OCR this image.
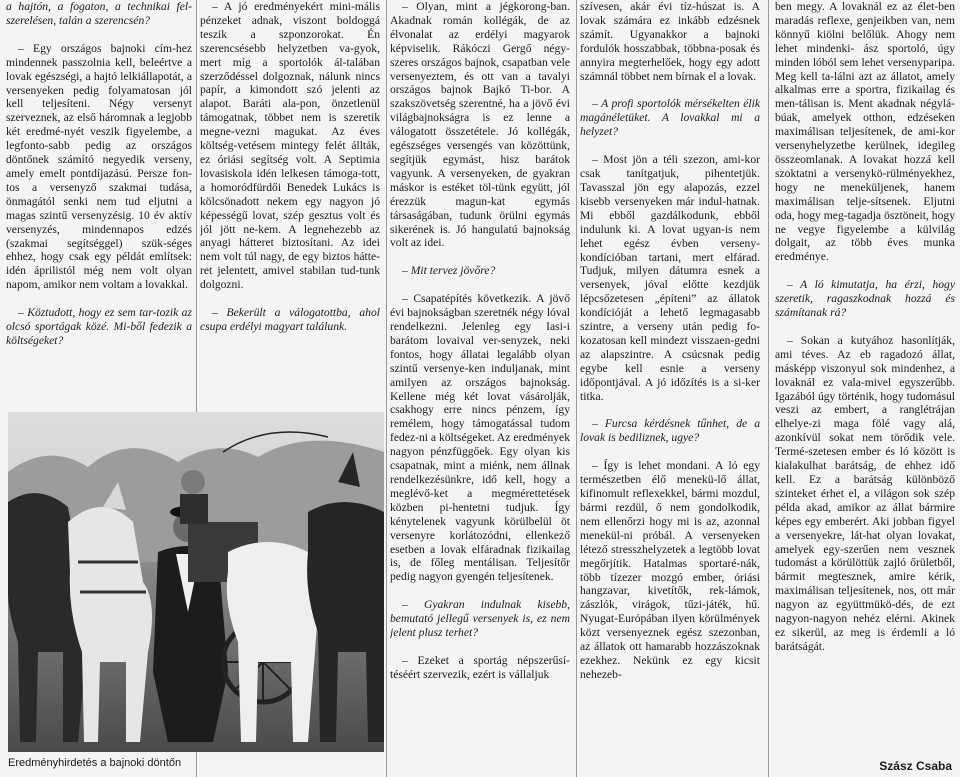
a hajtón, a fogaton, a technikai fel-szerelésen, talán a szerencsén?

– Egy országos bajnoki cím-hez mindennek passzolnia kell, beleértve a lovak egészségi, a hajtó lelkiállapotát, a versenyeken pedig folyamatosan jól kell teljesíteni. Négy versenyt szerveznek, az első háromnak a legjobb két eredmé-nyét veszik figyelembe, a legfonto-sabb pedig az országos döntőnek számító negyedik verseny, amely emelt pontdíjazású. Persze fon-tos a versenyző szakmai tudása, önmagától senki nem tud eljutni a magas szintű versenyzésig. 10 év aktív versenyzés, mindennapos edzés (szakmai segítséggel) szük-séges ehhez, hogy csak egy példát említsek: idén áprilistól még nem volt olyan napom, amikor nem voltam a lovakkal.

– Köztudott, hogy ez sem tar-tozik az olcsó sportágak közé. Mi-ből fedezik a költségeket?

– A jó eredményekért mini-mális pénzeket adnak, viszont boldoggá teszik a szponzorokat. Én szerencsésebb helyzetben va-gyok, mert míg a sportolók ál-talában szerződéssel dolgoznak, nálunk nincs papír, a kimondott szó jelenti az alapot. Baráti ala-pon, önzetlenül támogatnak, többet nem is szeretik megne-vezni magukat. Az éves költség-vetésem mintegy felét állták, ez óriási segítség volt. A Septimia lovasiskola idén lelkesen támoga-tott, a homoródfürdői Benedek Lukács is kölcsönadott nekem egy nagyon jó képességű lovat, szép gesztus volt és jól jött ne-kem. A legnehezebb az anyagi hátteret biztosítani. Az idei nem volt túl nagy, de egy biztos hátte-ret jelentett, amivel stabilan tud-tunk dolgozni.

– Bekerült a válogatottba, ahol csupa erdélyi magyart találunk.

– Olyan, mint a jégkorong-ban. Akadnak román kollégák, de az élvonalat az erdélyi magyarok képviselik. Rákóczi Gergő négy-szeres országos bajnok, csapatban vele versenyeztem, és ott van a tavalyi országos bajnok Bajkó Ti-bor. A szakszövetség szerentné, ha a jövő évi világbajnokságra is ez lenne a válogatott összetétele. Jó kollégák, egészséges versengés van közöttünk, segítjük egymást, hisz barátok vagyunk. A versenyeken, de gyakran máskor is estéket töl-tünk együtt, jól érezzük magun-kat egymás társaságában, tudunk örülni egymás sikerének is. Jó hangulatú bajnokság volt az idei.

– Mit tervez jövőre?

– Csapatépítés következik. A jövő évi bajnokságban szeretnék négy lóval rendelkezni. Jelenleg egy Iasi-i barátom lovaival ver-senyzek, neki fontos, hogy állatai legalább olyan szintű versenye-ken induljanak, mint amilyen az országos bajnokság. Kellene még két lovat vásárolják, csakhogy erre nincs pénzem, így remélem, hogy támogatással tudom fedez-ni a költségeket. Az eredmények nagyon pénzfüggőek. Egy olyan kis csapatnak, mint a miénk, nem állnak rendelkezésünkre, idő kell, hogy a meglévő-ket a megmérettetések közben pi-hentetni tudjuk. Így kénytelenek vagyunk körülbelül öt versenyre korlátozódni, ellenkező esetben a lovak elfáradnak fizikailag is, de főleg mentálisan. Teljesítőr pedig nagyon gyengén teljesítenek.

– Gyakran indulnak kisebb, bemutató jellegű versenyek is, ez nem jelent plusz terhet?

– Ezeket a sportág népszerűsí-téséért szervezik, ezért is vállaljuk

szívesen, akár évi tíz-húszat is. A lovak számára ez inkább edzésnek számít. Ugyanakkor a bajnoki fordulók hosszabbak, többna-posak és annyira megterhelőek, hogy egy adott számnál többet nem bírnak el a lovak.

– A profi sportolók mérsékelten élik magánéletüket. A lovakkal mi a helyzet?

– Most jön a téli szezon, ami-kor csak tanítgatjuk, pihentetjük. Tavasszal jön egy alapozás, ezzel kisebb versenyeken már indul-hatnak. Mi ebből gazdálkodunk, ebből indulunk ki. A lovat ugyan-is nem lehet egész évben verseny-kondícióban tartani, mert elfárad. Tudjuk, milyen dátumra esnek a versenyek, jóval előtte kezdjük lépcsőzetesen „építeni” az állatok kondícióját a lehető legmagasabb szintre, a verseny után pedig fo-kozatosan kell mindezt visszaen-gedni az alapszintre. A csúcsnak pedig egybe kell esnie a verseny időpontjával. A jó időzítés is a si-ker titka.

– Furcsa kérdésnek tűnhet, de a lovak is bediliznek, ugye?

– Így is lehet mondani. A ló egy természetben élő menekü-lő állat, kifinomult reflexekkel, bármi mozdul, bármi rezdül, ő nem gondolkodik, nem ellenőrzi hogy mi is az, azonnal menekül-ni próbál. A versenyeken létező stresszhelyzetek a legtöbb lovat megőrjítik. Hatalmas sportaré-nák, több tízezer mozgó ember, óriási hangzavar, kivetítők, rek-lámok, zászlók, virágok, tűzi-játék, hű. Nyugat-Európában ilyen körülmények közt versenyeznek egész szezonban, az állatok ott hamarabb hozzászoknak ezekhez. Nekünk ez egy kicsit nehezeb-

ben megy. A lovaknál ez az élet-ben maradás reflexe, genjeikben van, nem könnyű kiölni belőlük. Ahogy nem lehet mindenki- ász sportoló, úgy minden lóból sem lehet versenyparipa. Meg kell ta-lálni azt az állatot, amely alkalmas erre a sportra, fizikailag és men-tálisan is. Ment akadnak négylá-búak, amelyek otthon, edzéseken maximálisan teljesítenek, de ami-kor versenyhelyzetbe kerülnek, idegileg összeomlanak. A lovakat hozzá kell szoktatni a versenykö-rülményekhez, hogy ne meneküljenek, hanem maximálisan telje-sítsenek. Eljutni oda, hogy meg-tagadja ösztöneit, hogy ne vegye figyelembe a külvilág dolgait, az több éves munka eredménye.

– A ló kimutatja, ha érzi, hogy szeretik, ragaszkodnak hozzá és számítanak rá?

– Sokan a kutyához hasonlítják, ami téves. Az eb ragadozó állat, másképp viszonyul sok mindenhez, a lovaknál ez vala-mivel egyszerűbb. Igazából úgy történik, hogy tudomásul veszi az embert, a ranglétrájan elhelye-zi maga fölé vagy alá, azonkívül sokat nem törődik vele. Termé-szetesen ember és ló között is kialakulhat barátság, de ehhez idő kell. Ez a barátság különböző szinteket érhet el, a világon sok szép példa akad, amikor az állat bármire képes egy emberért. Aki jobban figyel a versenyekre, lát-hat olyan lovakat, amelyek egy-szerűen nem vesznek tudomást a körülöttük zajló őrületből, bármit megtesznek, amire kérik, maximálisan teljesítenek, nos, ott már nagyon az együttmükö-dés, de ezt nagyon-nagyon nehéz elérni. Akinek ez sikerül, az meg is érdemli a ló barátságát.

Eredményhirdetés a bajnoki döntőn	Szász Csaba
